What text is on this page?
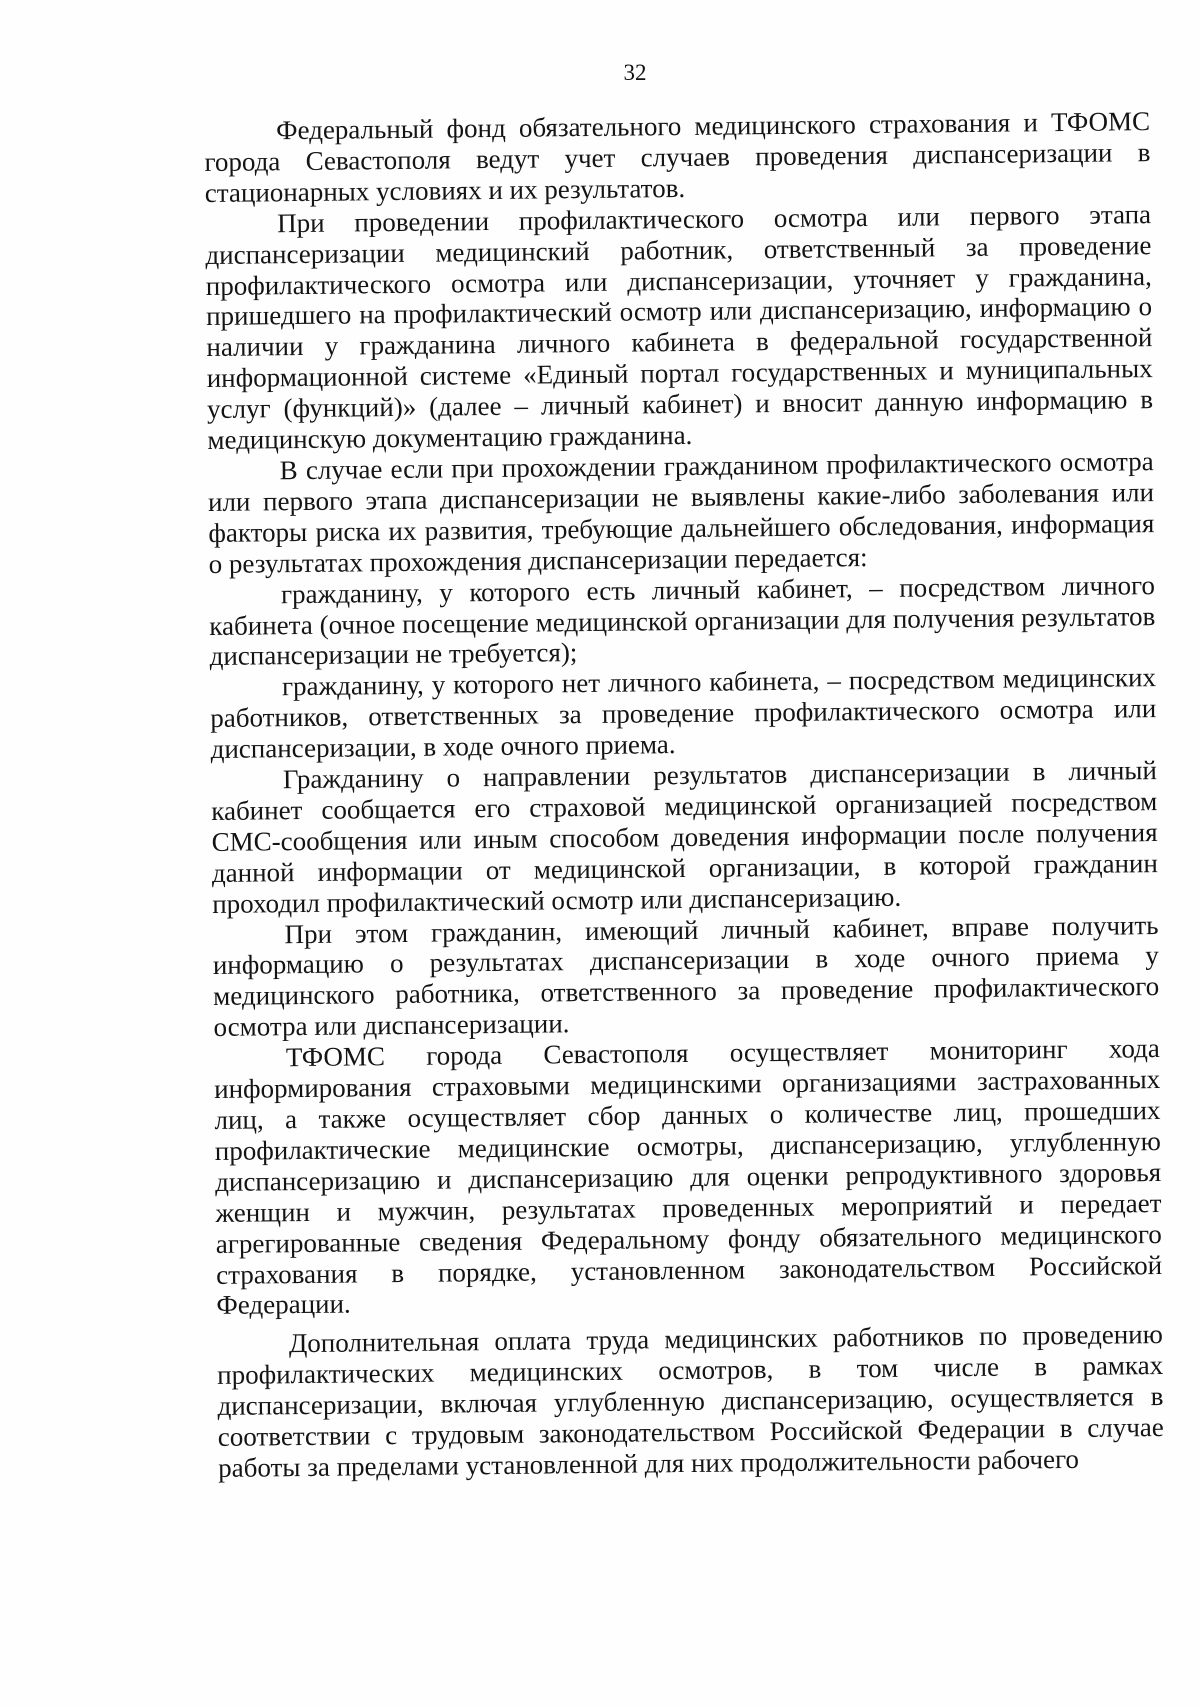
32

Федеральный фонд обязательного медицинского страхования и ТФОМС города Севастополя ведут учет случаев проведения диспансеризации в стационарных условиях и их результатов.

При проведении профилактического осмотра или первого этапа диспансеризации медицинский работник, ответственный за проведение профилактического осмотра или диспансеризации, уточняет у гражданина, пришедшего на профилактический осмотр или диспансеризацию, информацию о наличии у гражданина личного кабинета в федеральной государственной информационной системе «Единый портал государственных и муниципальных услуг (функций)» (далее – личный кабинет) и вносит данную информацию в медицинскую документацию гражданина.

В случае если при прохождении гражданином профилактического осмотра или первого этапа диспансеризации не выявлены какие-либо заболевания или факторы риска их развития, требующие дальнейшего обследования, информация о результатах прохождения диспансеризации передается:

гражданину, у которого есть личный кабинет, – посредством личного кабинета (очное посещение медицинской организации для получения результатов диспансеризации не требуется);

гражданину, у которого нет личного кабинета, – посредством медицинских работников, ответственных за проведение профилактического осмотра или диспансеризации, в ходе очного приема.

Гражданину о направлении результатов диспансеризации в личный кабинет сообщается его страховой медицинской организацией посредством СМС-сообщения или иным способом доведения информации после получения данной информации от медицинской организации, в которой гражданин проходил профилактический осмотр или диспансеризацию.

При этом гражданин, имеющий личный кабинет, вправе получить информацию о результатах диспансеризации в ходе очного приема у медицинского работника, ответственного за проведение профилактического осмотра или диспансеризации.

ТФОМС города Севастополя осуществляет мониторинг хода информирования страховыми медицинскими организациями застрахованных лиц, а также осуществляет сбор данных о количестве лиц, прошедших профилактические медицинские осмотры, диспансеризацию, углубленную диспансеризацию и диспансеризацию для оценки репродуктивного здоровья женщин и мужчин, результатах проведенных мероприятий и передает агрегированные сведения Федеральному фонду обязательного медицинского страхования в порядке, установленном законодательством Российской Федерации.

Дополнительная оплата труда медицинских работников по проведению профилактических медицинских осмотров, в том числе в рамках диспансеризации, включая углубленную диспансеризацию, осуществляется в соответствии с трудовым законодательством Российской Федерации в случае работы за пределами установленной для них продолжительности рабочего
